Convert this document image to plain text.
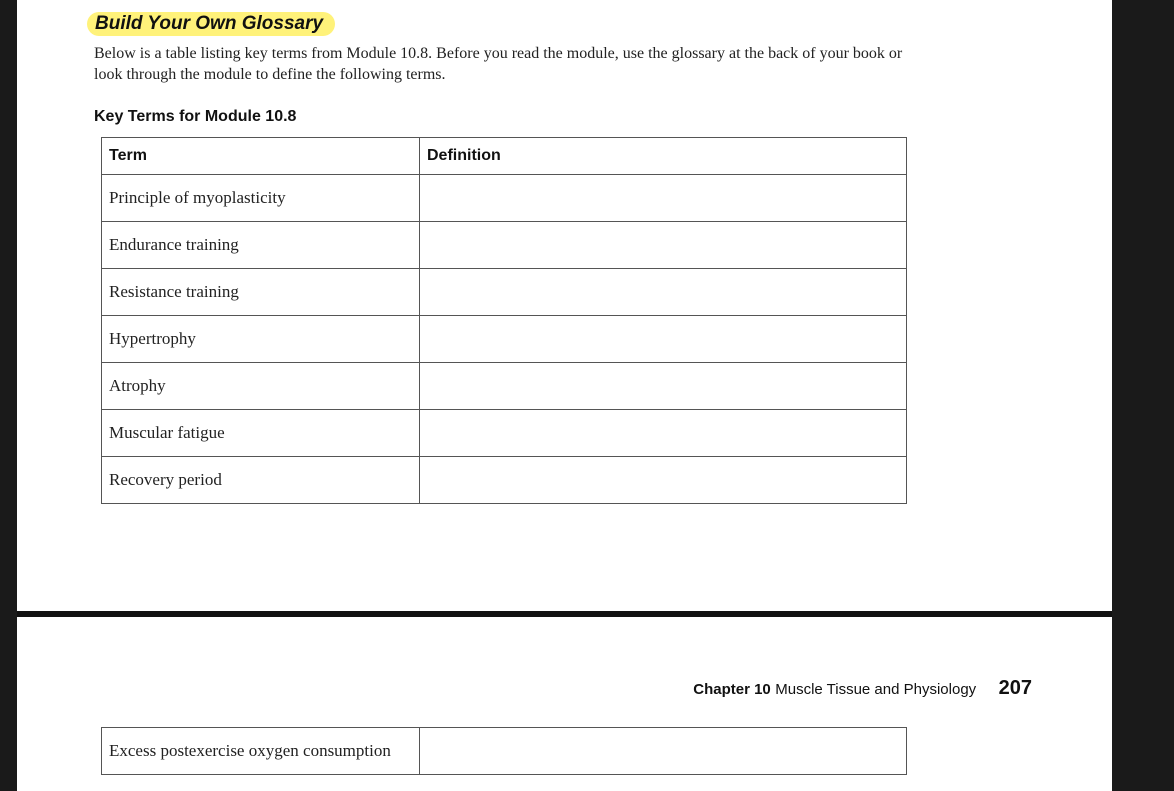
Build Your Own Glossary
Below is a table listing key terms from Module 10.8. Before you read the module, use the glossary at the back of your book or look through the module to define the following terms.
Key Terms for Module 10.8
Term	Definition
Principle of myoplasticity	
Endurance training	
Resistance training	
Hypertrophy	
Atrophy	
Muscular fatigue	
Recovery period	
Chapter 10 Muscle Tissue and Physiology 207
Excess postexercise oxygen consumption	
